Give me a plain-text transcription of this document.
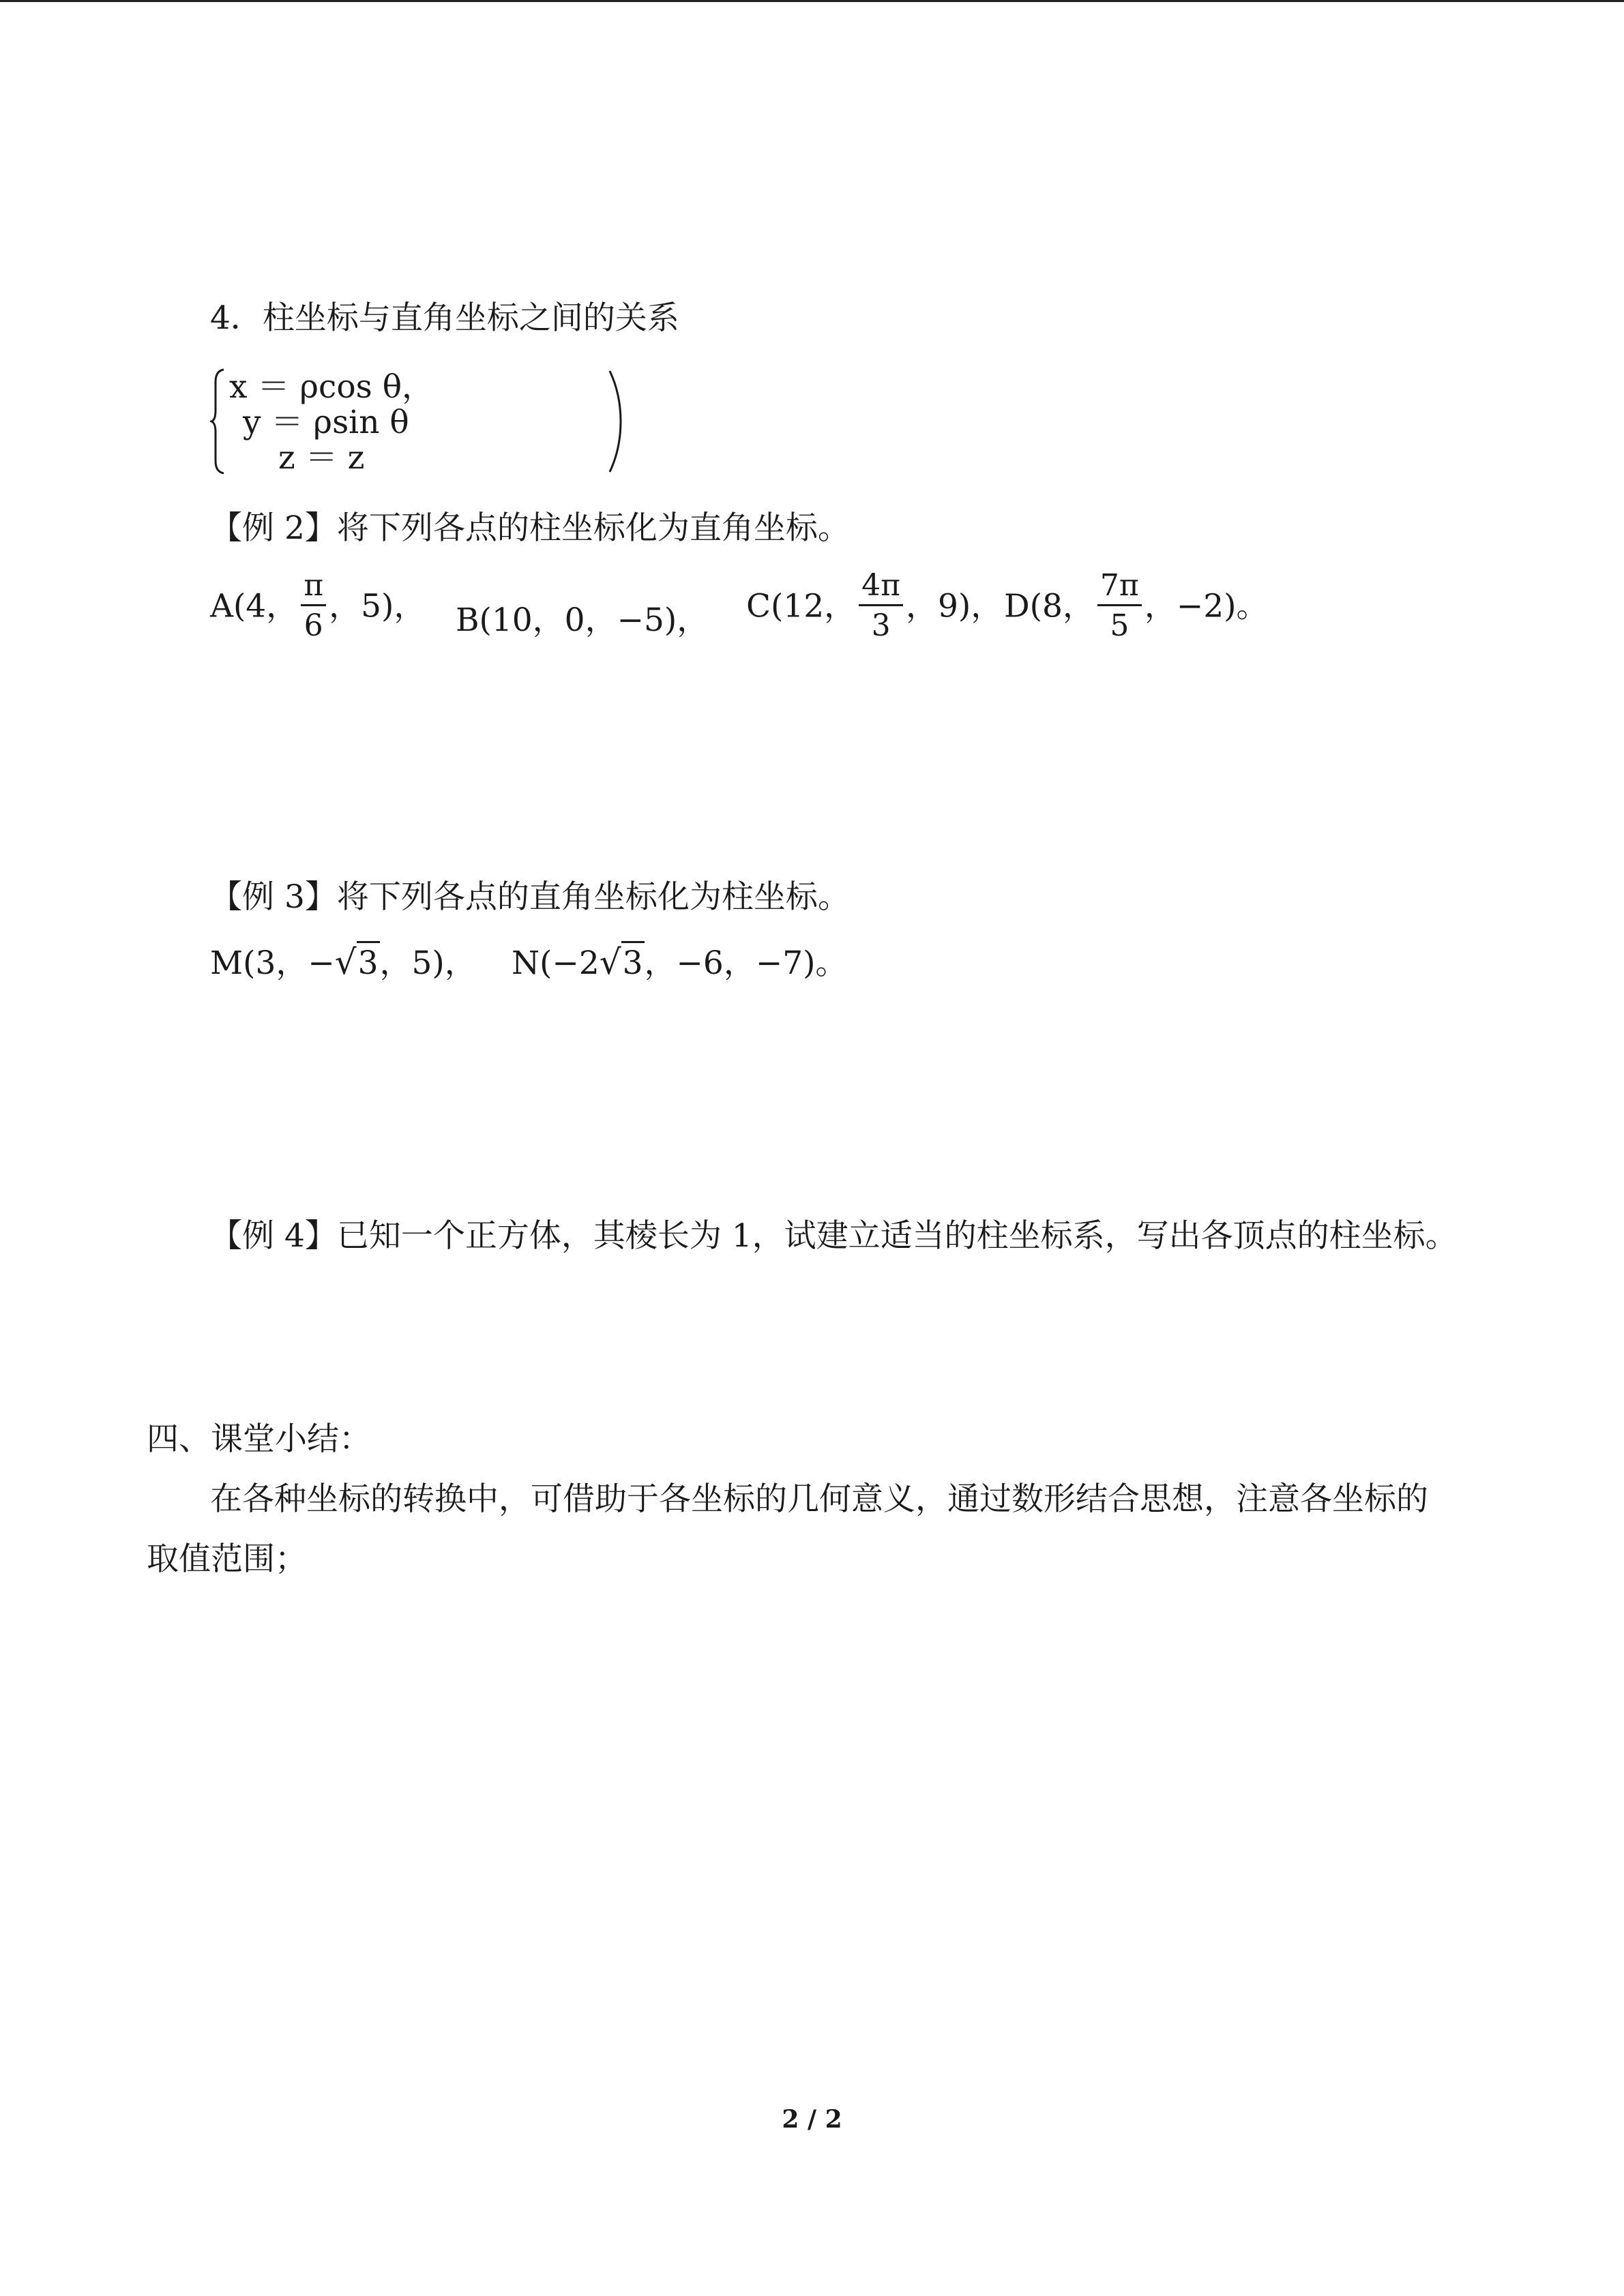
4．柱坐标与直角坐标之间的关系
x ＝ ρcos θ，
y ＝ ρsin θ
z ＝ z
【例 2】将下列各点的柱坐标化为直角坐标。
A(4， $\frac{\pi}{6}$ ，5)， B(10，0，−5)， C(12， $\frac{4\pi}{3}$ ，9)， D(8， $\frac{7\pi}{5}$ ，−2)。
【例 3】将下列各点的直角坐标化为柱坐标。
M(3，−√3，5)， N(−2√3，−6，−7)。
【例 4】已知一个正方体，其棱长为 1，试建立适当的柱坐标系，写出各顶点的柱坐标。
四、课堂小结：
在各种坐标的转换中，可借助于各坐标的几何意义，通过数形结合思想，注意各坐标的
取值范围；
2 / 2
